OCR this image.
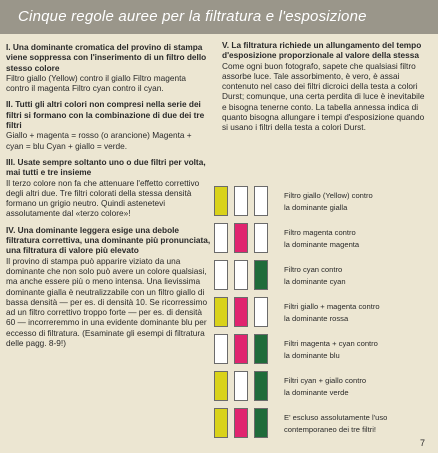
Cinque regole auree per la filtratura e l'esposizione
I. Una dominante cromatica del provino di stampa viene soppressa con l'inserimento di un filtro dello stesso colore
Filtro giallo (Yellow) contro il giallo Filtro magenta contro il magenta Filtro cyan contro il cyan.
II. Tutti gli altri colori non compresi nella serie dei filtri si formano con la combinazione di due dei tre filtri
Giallo + magenta = rosso (o arancione) Magenta + cyan = blu Cyan + giallo = verde.
III. Usate sempre soltanto uno o due filtri per volta, mai tutti e tre insieme
Il terzo colore non fa che attenuare l'effetto correttivo degli altri due. Tre filtri colorati della stessa densità formano un grigio neutro. Quindi astenetevi assolutamente dal «terzo colore»!
IV. Una dominante leggera esige una debole filtratura correttiva, una dominante più pronunciata, una filtratura di valore più elevato
Il provino di stampa può apparire viziato da una dominante che non solo può avere un colore qualsiasi, ma anche essere più o meno intensa. Una lievissima dominante gialla è neutralizzabile con un filtro giallo di bassa densità — per es. di densità 10. Se ricorressimo ad un filtro correttivo troppo forte — per es. di densità 60 — incorreremmo in una evidente dominante blu per eccesso di filtratura. (Esaminate gli esempi di filtratura delle pagg. 8-9!)
V. La filtratura richiede un allungamento del tempo d'esposizione proporzionale al valore della stessa
Come ogni buon fotografo, sapete che qualsiasi filtro assorbe luce. Tale assorbimento, è vero, è assai contenuto nel caso dei filtri dicroici della testa a colori Durst; comunque, una certa perdita di luce è inevitabile e bisogna tenerne conto. La tabella annessa indica di quanto bisogna allungare i tempi d'esposizione quando si usano i filtri della testa a colori Durst.
Filtro giallo (Yellow) contro
la dominante gialla
Filtro magenta contro
la dominante magenta
Filtro cyan contro
la dominante cyan
Filtri giallo + magenta contro
la dominante rossa
Filtri magenta + cyan contro
la dominante blu
Filtri cyan + giallo contro
la dominante verde
E' escluso assolutamente l'uso
contemporaneo dei tre filtri!
7
